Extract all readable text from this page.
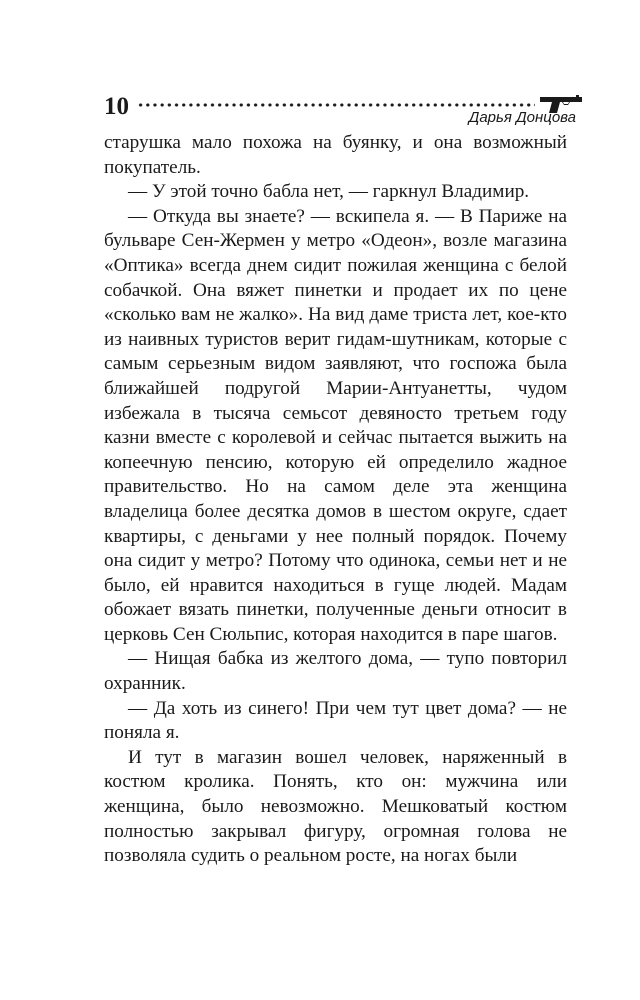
10	Дарья Донцова

старушка мало похожа на буянку, и она возможный покупатель.

— У этой точно бабла нет, — гаркнул Владимир.

— Откуда вы знаете? — вскипела я. — В Париже на бульваре Сен-Жермен у метро «Одеон», возле магазина «Оптика» всегда днем сидит пожилая женщина с белой собачкой. Она вяжет пинетки и продает их по цене «сколько вам не жалко». На вид даме триста лет, кое-кто из наивных туристов верит гидам-шутникам, которые с самым серьезным видом заявляют, что госпожа была ближайшей подругой Марии-Антуанетты, чудом избежала в тысяча семьсот девяносто третьем году казни вместе с королевой и сейчас пытается выжить на копеечную пенсию, которую ей определило жадное правительство. Но на самом деле эта женщина владелица более десятка домов в шестом округе, сдает квартиры, с деньгами у нее полный порядок. Почему она сидит у метро? Потому что одинока, семьи нет и не было, ей нравится находиться в гуще людей. Мадам обожает вязать пинетки, полученные деньги относит в церковь Сен Сюльпис, которая находится в паре шагов.

— Нищая бабка из желтого дома, — тупо повторил охранник.

— Да хоть из синего! При чем тут цвет дома? — не поняла я.

И тут в магазин вошел человек, наряженный в костюм кролика. Понять, кто он: мужчина или женщина, было невозможно. Мешковатый костюм полностью закрывал фигуру, огромная голова не позволяла судить о реальном росте, на ногах были
